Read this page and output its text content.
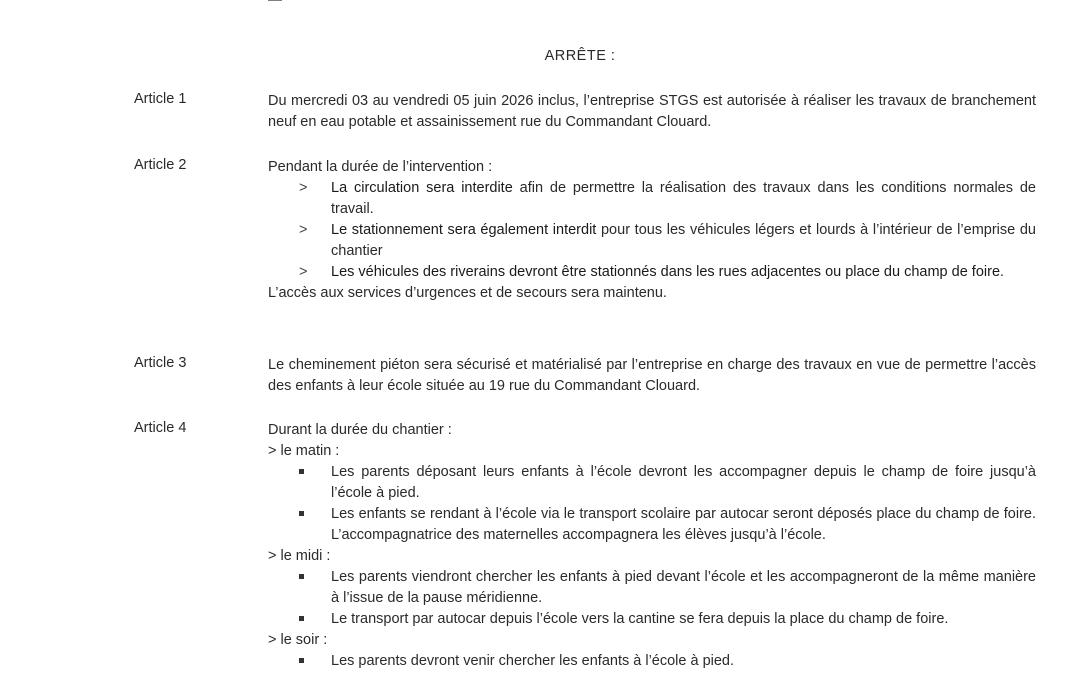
ARRÊTE :
Article 1	Du mercredi 03 au vendredi 05 juin 2026 inclus, l’entreprise STGS est autorisée à réaliser les travaux de branchement neuf en eau potable et assainissement rue du Commandant Clouard.
Article 2	Pendant la durée de l’intervention :
> La circulation sera interdite afin de permettre la réalisation des travaux dans les conditions normales de travail.
> Le stationnement sera également interdit pour tous les véhicules légers et lourds à l’intérieur de l’emprise du chantier
> Les véhicules des riverains devront être stationnés dans les rues adjacentes ou place du champ de foire.
L’accès aux services d’urgences et de secours sera maintenu.
Article 3	Le cheminement piéton sera sécurisé et matérialisé par l’entreprise en charge des travaux en vue de permettre l’accès des enfants à leur école située au 19 rue du Commandant Clouard.
Article 4	Durant la durée du chantier :
> le matin :
Les parents déposant leurs enfants à l’école devront les accompagner depuis le champ de foire jusqu’à l’école à pied.
Les enfants se rendant à l’école via le transport scolaire par autocar seront déposés place du champ de foire. L’accompagnatrice des maternelles accompagnera les élèves jusqu’à l’école.
> le midi :
Les parents viendront chercher les enfants à pied devant l’école et les accompagneront de la même manière à l’issue de la pause méridienne.
Le transport par autocar depuis l’école vers la cantine se fera depuis la place du champ de foire.
> le soir :
Les parents devront venir chercher les enfants à l’école à pied.
